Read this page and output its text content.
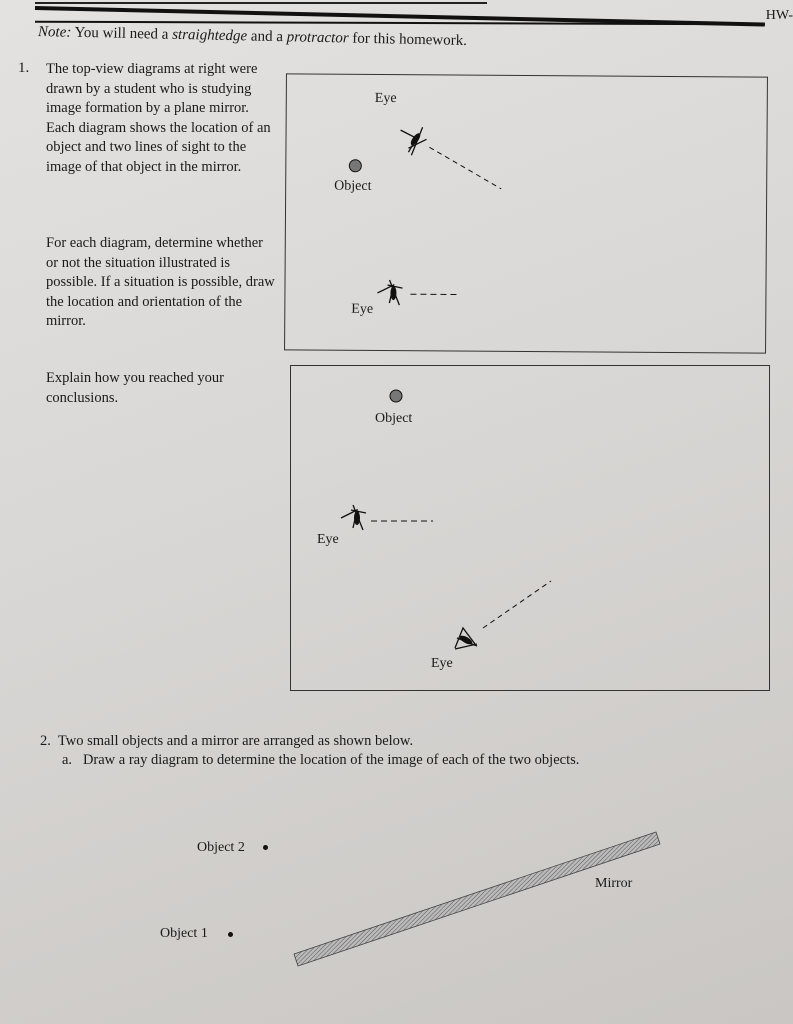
HW-
Note: You will need a straightedge and a protractor for this homework.
1. The top-view diagrams at right were drawn by a student who is studying image formation by a plane mirror. Each diagram shows the location of an object and two lines of sight to the image of that object in the mirror.
For each diagram, determine whether or not the situation illustrated is possible. If a situation is possible, draw the location and orientation of the mirror.
Explain how you reached your conclusions.
Eye
Object
Eye
Object
Eye
Eye
2. Two small objects and a mirror are arranged as shown below.
a. Draw a ray diagram to determine the location of the image of each of the two objects.
Object 2
Object 1
Mirror
